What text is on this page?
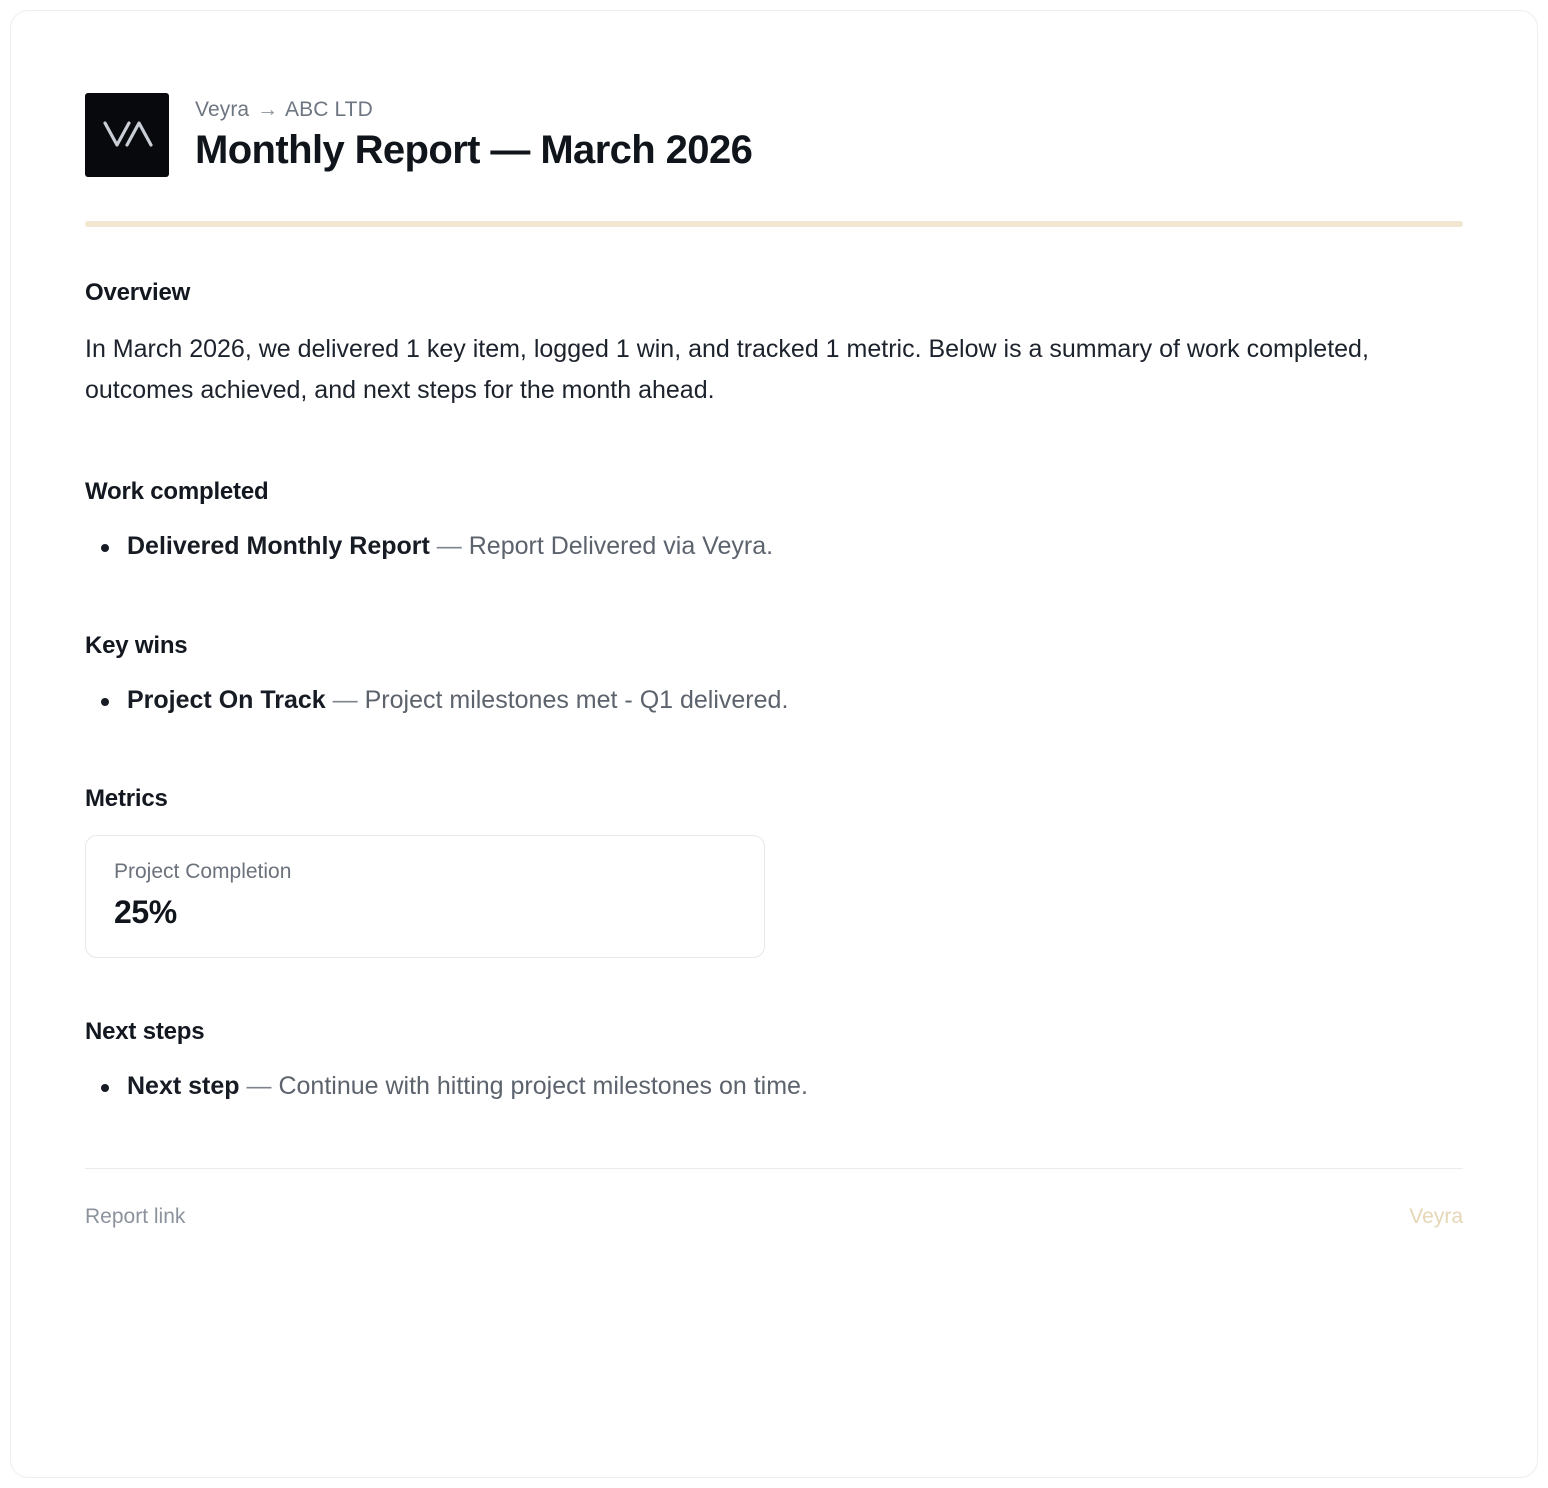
Veyra → ABC LTD
Monthly Report — March 2026
Overview

In March 2026, we delivered 1 key item, logged 1 win, and tracked 1 metric. Below is a summary of work completed, outcomes achieved, and next steps for the month ahead.

Work completed
Delivered Monthly Report — Report Delivered via Veyra.
Key wins
Project On Track — Project milestones met - Q1 delivered.
Metrics
Project Completion
25%
Next steps
Next step — Continue with hitting project milestones on time.
Report link	Veyra
